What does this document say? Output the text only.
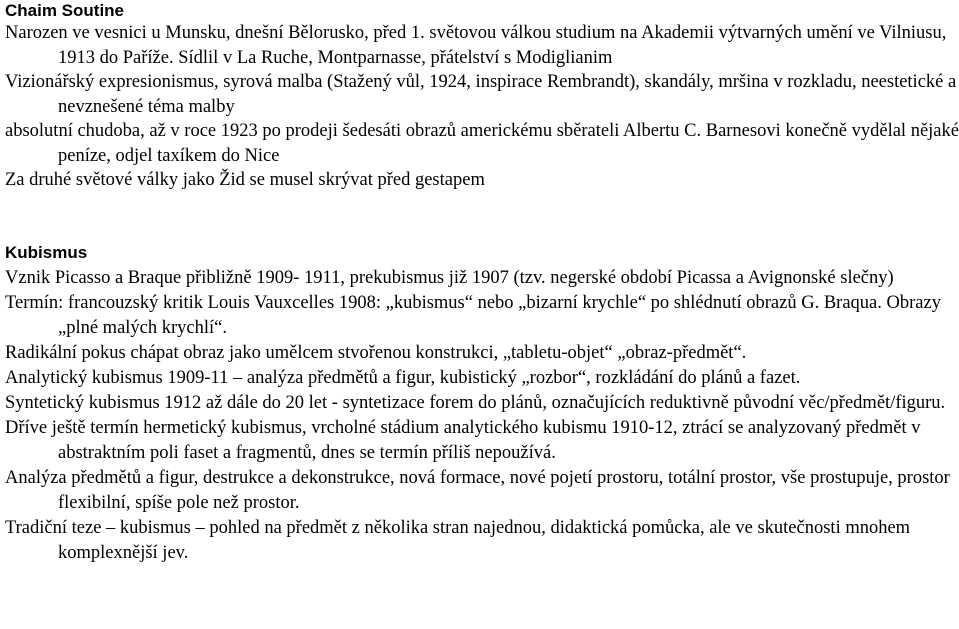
Chaim Soutine

Narozen ve vesnici u Munsku, dnešní Bělorusko, před 1. světovou válkou studium na Akademii výtvarných umění ve Vilniusu, 1913 do Paříže. Sídlil v La Ruche, Montparnasse, přátelství s Modiglianim

Vizionářský expresionismus, syrová malba (Stažený vůl, 1924, inspirace Rembrandt), skandály, mršina v rozkladu, neestetické a nevznešené téma malby

absolutní chudoba, až v roce 1923 po prodeji šedesáti obrazů americkému sběrateli Albertu C. Barnesovi konečně vydělal nějaké peníze, odjel taxíkem do Nice

Za druhé světové války jako Žid se musel skrývat před gestapem

Kubismus

Vznik Picasso a Braque přibližně 1909- 1911, prekubismus již 1907 (tzv. negerské období Picassa a Avignonské slečny)

Termín: francouzský kritik Louis Vauxcelles 1908: „kubismus“ nebo „bizarní krychle“ po shlédnutí obrazů G. Braqua. Obrazy „plné malých krychlí“.

Radikální pokus chápat obraz jako umělcem stvořenou konstrukci, „tabletu-objet“ „obraz-předmět“.

Analytický kubismus 1909-11 – analýza předmětů a figur, kubistický „rozbor“, rozkládání do plánů a fazet.

Syntetický kubismus 1912 až dále do 20 let - syntetizace forem do plánů, označujících reduktivně původní věc/předmět/figuru.

Dříve ještě termín hermetický kubismus, vrcholné stádium analytického kubismu 1910-12, ztrácí se analyzovaný předmět v abstraktním poli faset a fragmentů, dnes se termín příliš nepoužívá.

Analýza předmětů a figur, destrukce a dekonstrukce, nová formace, nové pojetí prostoru, totální prostor, vše prostupuje, prostor flexibilní, spíše pole než prostor.

Tradiční teze – kubismus – pohled na předmět z několika stran najednou, didaktická pomůcka, ale ve skutečnosti mnohem komplexnější jev.
